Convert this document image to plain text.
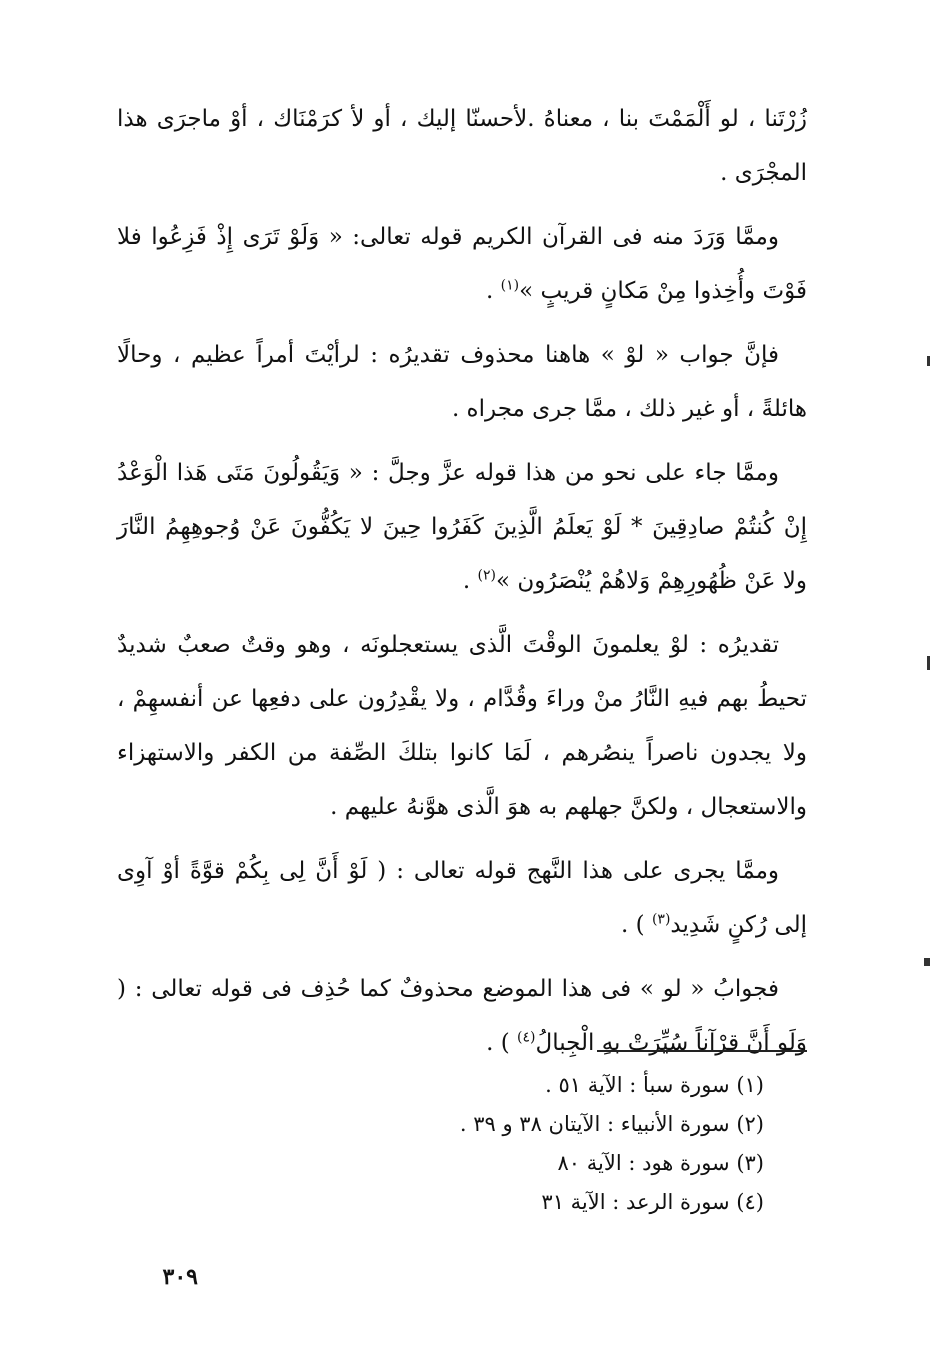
زُرْتَنا ، لو أَلْمَمْتَ بنا ، معناهُ .لأحسنّا إليك ، أو لأ كرَمْنَاك ، أوْ ماجرَى هذا المجْرَى .

وممَّا وَرَدَ منه فى القرآن الكريم قوله تعالى: « وَلَوْ تَرَى إِذْ فَزِعُوا فلا فَوْتَ وأُخِذوا مِنْ مَكانٍ قريبٍ »$^{(١)}$ .

فإنَّ جواب « لوْ » هاهنا محذوف تقديرُه : لرأيْتَ أمراً عظيم ، وحالًا هائلةً ، أو غير ذلك ، ممَّا جرى مجراه .

وممَّا جاء على نحو من هذا قوله عزَّ وجلَّ : « وَيَقُولُونَ مَتَى هَذا الْوَعْدُ إِنْ كُنتُمْ صادِقِينَ * لَوْ يَعلَمُ الَّذِينَ كَفَرُوا حِينَ لا يَكُفُّونَ عَنْ وُجوهِهِمُ النَّارَ ولا عَنْ ظُهُورِهِمْ وَلاهُمْ يُنْصَرُون »$^{(٢)}$ .

تقديرُه : لوْ يعلمونَ الوقْتَ الَّذى يستعجلونَه ، وهو وقتٌ صعبٌ شديدٌ تحيطُ بهم فيهِ النَّارُ منْ وراءَ وقُدَّام ، ولا يقْدِرُون على دفعِها عن أنفسهِمْ ، ولا يجدون ناصراً ينصُرهم ، لَمَا كانوا بتلكَ الصِّفة من الكفر والاستهزاء والاستعجال ، ولكنَّ جهلهم به هوَ الَّذى هوَّنهُ عليهم .

وممَّا يجرى على هذا النَّهج قوله تعالى : ( لَوْ أَنَّ لِى بِكُمْ قوَّةً أوْ آوِى إلى رُكنٍ شَدِيد$^{(٣)}$ ) .

فجوابُ « لو » فى هذا الموضع محذوفٌ كما حُذِف فى قوله تعالى : ( وَلَو أَنَّ قرْآناً سُيِّرَتْ بهِ الْجِبالُ$^{(٤)}$ ) .

(١) سورة سبأ : الآية ٥١ .
(٢) سورة الأنبياء : الآيتان ٣٨ و ٣٩ .
(٣) سورة هود : الآية ٨٠
(٤) سورة الرعد : الآية ٣١
٣٠٩
